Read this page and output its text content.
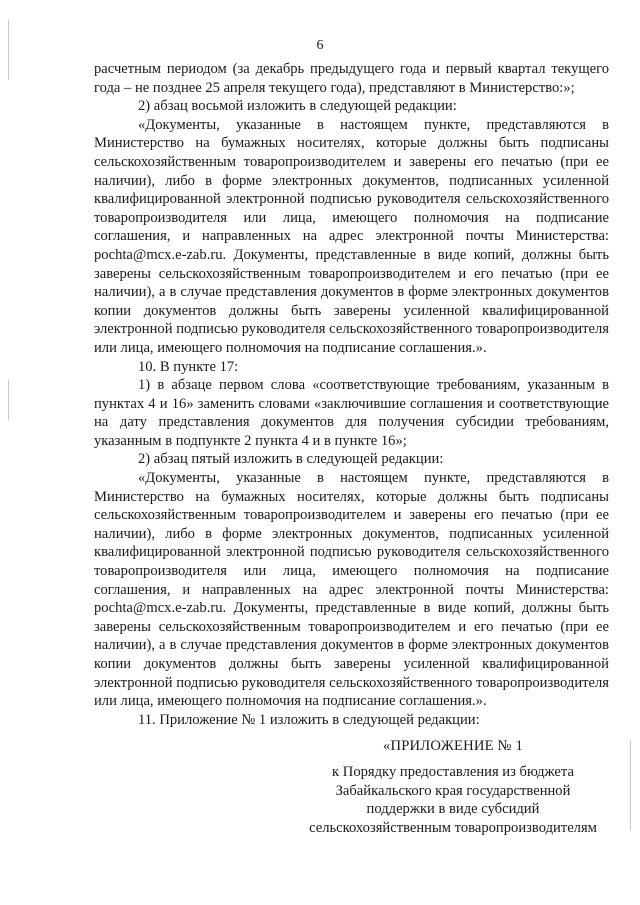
6

расчетным периодом (за декабрь предыдущего года и первый квартал текущего года – не позднее 25 апреля текущего года), представляют в Министерство:»;

2) абзац восьмой изложить в следующей редакции:

«Документы, указанные в настоящем пункте, представляются в Министерство на бумажных носителях, которые должны быть подписаны сельскохозяйственным товаропроизводителем и заверены его печатью (при ее наличии), либо в форме электронных документов, подписанных усиленной квалифицированной электронной подписью руководителя сельскохозяйственного товаропроизводителя или лица, имеющего полномочия на подписание соглашения, и направленных на адрес электронной почты Министерства: pochta@mcx.e-zab.ru. Документы, представленные в виде копий, должны быть заверены сельскохозяйственным товаропроизводителем и его печатью (при ее наличии), а в случае представления документов в форме электронных документов копии документов должны быть заверены усиленной квалифицированной электронной подписью руководителя сельскохозяйственного товаропроизводителя или лица, имеющего полномочия на подписание соглашения.».

10. В пункте 17:

1) в абзаце первом слова «соответствующие требованиям, указанным в пунктах 4 и 16» заменить словами «заключившие соглашения и соответствующие на дату представления документов для получения субсидии требованиям, указанным в подпункте 2 пункта 4 и в пункте 16»;

2) абзац пятый изложить в следующей редакции:

«Документы, указанные в настоящем пункте, представляются в Министерство на бумажных носителях, которые должны быть подписаны сельскохозяйственным товаропроизводителем и заверены его печатью (при ее наличии), либо в форме электронных документов, подписанных усиленной квалифицированной электронной подписью руководителя сельскохозяйственного товаропроизводителя или лица, имеющего полномочия на подписание соглашения, и направленных на адрес электронной почты Министерства: pochta@mcx.e-zab.ru. Документы, представленные в виде копий, должны быть заверены сельскохозяйственным товаропроизводителем и его печатью (при ее наличии), а в случае представления документов в форме электронных документов копии документов должны быть заверены усиленной квалифицированной электронной подписью руководителя сельскохозяйственного товаропроизводителя или лица, имеющего полномочия на подписание соглашения.».

11. Приложение № 1 изложить в следующей редакции:

«ПРИЛОЖЕНИЕ № 1
к Порядку предоставления из бюджета
Забайкальского края государственной
поддержки в виде субсидий
сельскохозяйственным товаропроизводителям
